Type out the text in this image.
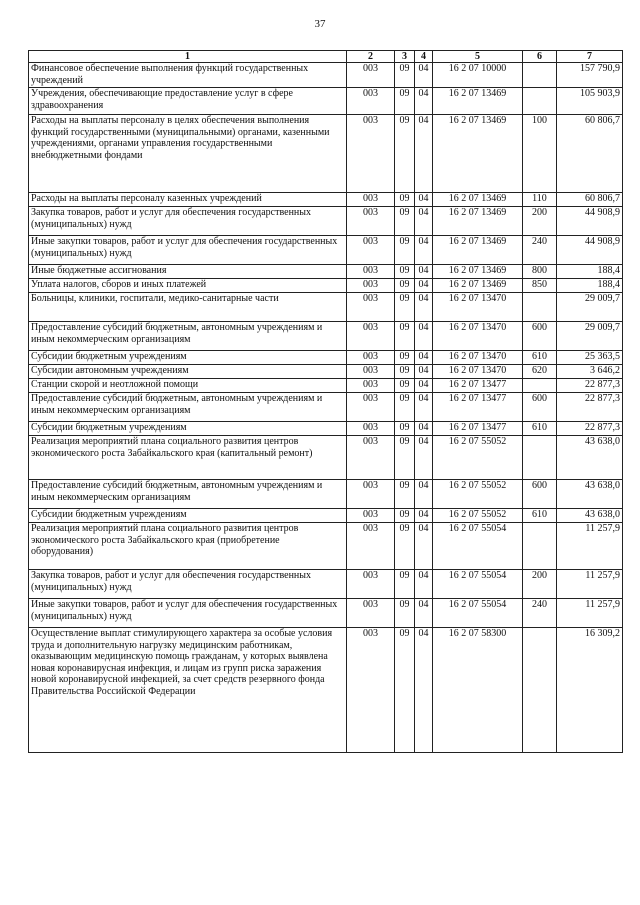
37
1	2	3	4	5	6	7
Финансовое обеспечение выполнения функций государственных учреждений	003	09	04	16 2 07 10000		157 790,9
Учреждения, обеспечивающие предоставление услуг в сфере здравоохранения	003	09	04	16 2 07 13469		105 903,9
Расходы на выплаты персоналу в целях обеспечения выполнения функций государственными (муниципальными) органами, казенными учреждениями, органами управления государственными внебюджетными фондами	003	09	04	16 2 07 13469	100	60 806,7
Расходы на выплаты персоналу казенных учреждений	003	09	04	16 2 07 13469	110	60 806,7
Закупка товаров, работ и услуг для обеспечения государственных (муниципальных) нужд	003	09	04	16 2 07 13469	200	44 908,9
Иные закупки товаров, работ и услуг для обеспечения государственных (муниципальных) нужд	003	09	04	16 2 07 13469	240	44 908,9
Иные бюджетные ассигнования	003	09	04	16 2 07 13469	800	188,4
Уплата налогов, сборов и иных платежей	003	09	04	16 2 07 13469	850	188,4
Больницы, клиники, госпитали, медико-санитарные части	003	09	04	16 2 07 13470		29 009,7
Предоставление субсидий бюджетным, автономным учреждениям и иным некоммерческим организациям	003	09	04	16 2 07 13470	600	29 009,7
Субсидии бюджетным учреждениям	003	09	04	16 2 07 13470	610	25 363,5
Субсидии автономным учреждениям	003	09	04	16 2 07 13470	620	3 646,2
Станции скорой и неотложной помощи	003	09	04	16 2 07 13477		22 877,3
Предоставление субсидий бюджетным, автономным учреждениям и иным некоммерческим организациям	003	09	04	16 2 07 13477	600	22 877,3
Субсидии бюджетным учреждениям	003	09	04	16 2 07 13477	610	22 877,3
Реализация мероприятий плана социального развития центров экономического роста Забайкальского края (капитальный ремонт)	003	09	04	16 2 07 55052		43 638,0
Предоставление субсидий бюджетным, автономным учреждениям и иным некоммерческим организациям	003	09	04	16 2 07 55052	600	43 638,0
Субсидии бюджетным учреждениям	003	09	04	16 2 07 55052	610	43 638,0
Реализация мероприятий плана социального развития центров экономического роста Забайкальского края (приобретение оборудования)	003	09	04	16 2 07 55054		11 257,9
Закупка товаров, работ и услуг для обеспечения государственных (муниципальных) нужд	003	09	04	16 2 07 55054	200	11 257,9
Иные закупки товаров, работ и услуг для обеспечения государственных (муниципальных) нужд	003	09	04	16 2 07 55054	240	11 257,9
Осуществление выплат стимулирующего характера за особые условия труда и дополнительную нагрузку медицинским работникам, оказывающим медицинскую помощь гражданам, у которых выявлена новая коронавирусная инфекция, и лицам из групп риска заражения новой коронавирусной инфекцией, за счет средств резервного фонда Правительства Российской Федерации	003	09	04	16 2 07 58300		16 309,2
